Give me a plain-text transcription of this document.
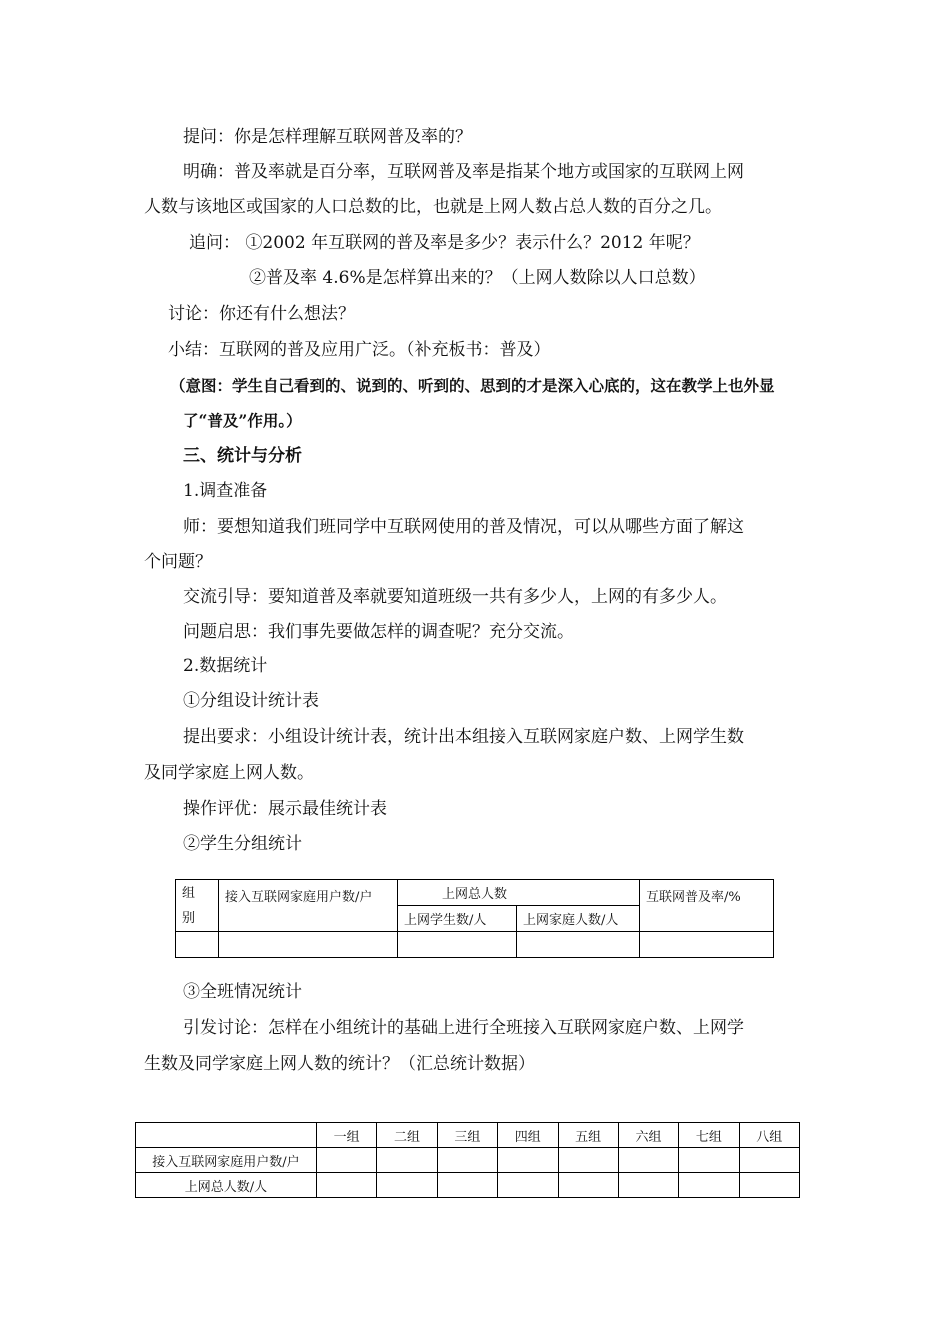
提问：你是怎样理解互联网普及率的？
明确：普及率就是百分率，互联网普及率是指某个地方或国家的互联网上网
人数与该地区或国家的人口总数的比，也就是上网人数占总人数的百分之几。
追问： ①2002 年互联网的普及率是多少？表示什么？2012 年呢？
②普及率 4.6%是怎样算出来的？（上网人数除以人口总数）
讨论：你还有什么想法？
小结：互联网的普及应用广泛。（补充板书：普及）
（意图：学生自己看到的、说到的、听到的、思到的才是深入心底的，这在教学上也外显
了“普及”作用。）
三、统计与分析
1.调查准备
师：要想知道我们班同学中互联网使用的普及情况，可以从哪些方面了解这
个问题？
交流引导：要知道普及率就要知道班级一共有多少人，上网的有多少人。
问题启思：我们事先要做怎样的调查呢？充分交流。
2.数据统计
①分组设计统计表
提出要求：小组设计统计表，统计出本组接入互联网家庭户数、上网学生数
及同学家庭上网人数。
操作评优：展示最佳统计表
②学生分组统计
组
别	接入互联网家庭用户数/户	上网总人数		互联网普及率/%
		上网学生数/人	上网家庭人数/人	

③全班情况统计
引发讨论：怎样在小组统计的基础上进行全班接入互联网家庭户数、上网学
生数及同学家庭上网人数的统计？（汇总统计数据）
	一组	二组	三组	四组	五组	六组	七组	八组
接入互联网家庭用户数/户								
上网总人数/人								
